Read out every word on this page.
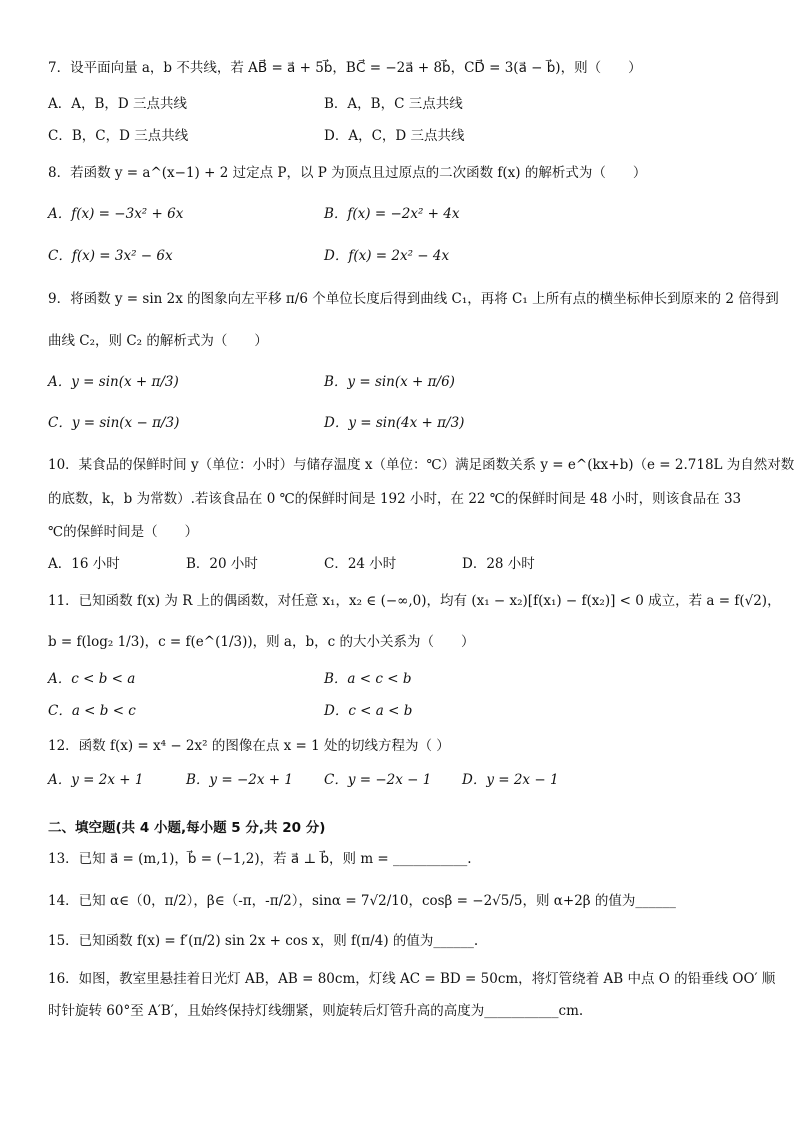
7．设平面向量 a，b 不共线，若 AB⃗ = a⃗ + 5b⃗，BC⃗ = −2a⃗ + 8b⃗，CD⃗ = 3(a⃗ − b⃗)，则（　　）
A．A，B，D 三点共线	B．A，B，C 三点共线
C．B，C，D 三点共线	D．A，C，D 三点共线
8．若函数 y = a^(x−1) + 2 过定点 P，以 P 为顶点且过原点的二次函数 f(x) 的解析式为（　　）
A．f(x) = −3x² + 6x	B．f(x) = −2x² + 4x
C．f(x) = 3x² − 6x	D．f(x) = 2x² − 4x
9．将函数 y = sin 2x 的图象向左平移 π/6 个单位长度后得到曲线 C₁，再将 C₁ 上所有点的横坐标伸长到原来的 2 倍得到
曲线 C₂，则 C₂ 的解析式为（　　）
A．y = sin(x + π/3)	B．y = sin(x + π/6)
C．y = sin(x − π/3)	D．y = sin(4x + π/3)
10．某食品的保鲜时间 y（单位：小时）与储存温度 x（单位：℃）满足函数关系 y = e^(kx+b)（e = 2.718L 为自然对数
的底数，k，b 为常数）.若该食品在 0 ℃的保鲜时间是 192 小时，在 22 ℃的保鲜时间是 48 小时，则该食品在 33
℃的保鲜时间是（　　）
A．16 小时	B．20 小时	C．24 小时	D．28 小时
11．已知函数 f(x) 为 R 上的偶函数，对任意 x₁，x₂ ∈ (−∞,0)，均有 (x₁ − x₂)[f(x₁) − f(x₂)] < 0 成立，若 a = f(√2)，
b = f(log₂ 1/3)，c = f(e^(1/3))，则 a，b，c 的大小关系为（　　）
A．c < b < a	B．a < c < b
C．a < b < c	D．c < a < b
12．函数 f(x) = x⁴ − 2x² 的图像在点 x = 1 处的切线方程为（ ）
A．y = 2x + 1	B．y = −2x + 1 C．y = −2x − 1 D．y = 2x − 1
二、填空题(共 4 小题,每小题 5 分,共 20 分)
13．已知 a⃗ = (m,1)，b⃗ = (−1,2)，若 a⃗ ⊥ b⃗，则 m = ___________.
14．已知 α∈（0，π/2），β∈（-π，-π/2），sinα = 7√2/10，cosβ = −2√5/5，则 α+2β 的值为______
15．已知函数 f(x) = f′(π/2) sin 2x + cos x，则 f(π/4) 的值为______.
16．如图，教室里悬挂着日光灯 AB，AB = 80cm，灯线 AC = BD = 50cm，将灯管绕着 AB 中点 O 的铅垂线 OO′ 顺
时针旋转 60°至 A′B′，且始终保持灯线绷紧，则旋转后灯管升高的高度为___________cm.
